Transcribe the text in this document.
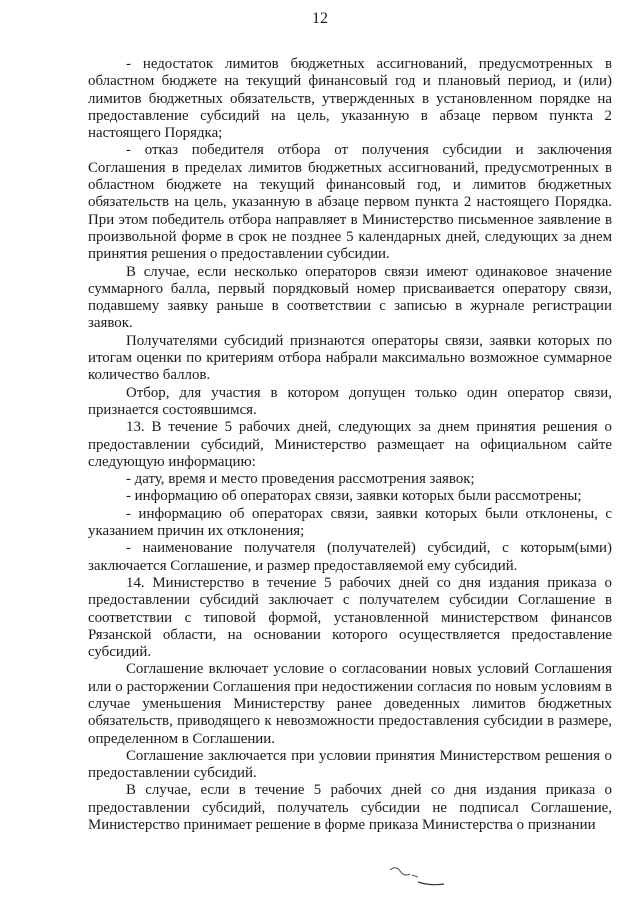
12

- недостаток лимитов бюджетных ассигнований, предусмотренных в областном бюджете на текущий финансовый год и плановый период, и (или) лимитов бюджетных обязательств, утвержденных в установленном порядке на предоставление субсидий на цель, указанную в абзаце первом пункта 2 настоящего Порядка;

- отказ победителя отбора от получения субсидии и заключения Соглашения в пределах лимитов бюджетных ассигнований, предусмотренных в областном бюджете на текущий финансовый год, и лимитов бюджетных обязательств на цель, указанную в абзаце первом пункта 2 настоящего Порядка. При этом победитель отбора направляет в Министерство письменное заявление в произвольной форме в срок не позднее 5 календарных дней, следующих за днем принятия решения о предоставлении субсидии.

В случае, если несколько операторов связи имеют одинаковое значение суммарного балла, первый порядковый номер присваивается оператору связи, подавшему заявку раньше в соответствии с записью в журнале регистрации заявок.

Получателями субсидий признаются операторы связи, заявки которых по итогам оценки по критериям отбора набрали максимально возможное суммарное количество баллов.

Отбор, для участия в котором допущен только один оператор связи, признается состоявшимся.

13. В течение 5 рабочих дней, следующих за днем принятия решения о предоставлении субсидий, Министерство размещает на официальном сайте следующую информацию:

- дату, время и место проведения рассмотрения заявок;

- информацию об операторах связи, заявки которых были рассмотрены;

- информацию об операторах связи, заявки которых были отклонены, с указанием причин их отклонения;

- наименование получателя (получателей) субсидий, с которым(ыми) заключается Соглашение, и размер предоставляемой ему субсидий.

14. Министерство в течение 5 рабочих дней со дня издания приказа о предоставлении субсидий заключает с получателем субсидии Соглашение в соответствии с типовой формой, установленной министерством финансов Рязанской области, на основании которого осуществляется предоставление субсидий.

Соглашение включает условие о согласовании новых условий Соглашения или о расторжении Соглашения при недостижении согласия по новым условиям в случае уменьшения Министерству ранее доведенных лимитов бюджетных обязательств, приводящего к невозможности предоставления субсидии в размере, определенном в Соглашении.

Соглашение заключается при условии принятия Министерством решения о предоставлении субсидий.

В случае, если в течение 5 рабочих дней со дня издания приказа о предоставлении субсидий, получатель субсидии не подписал Соглашение, Министерство принимает решение в форме приказа Министерства о признании
